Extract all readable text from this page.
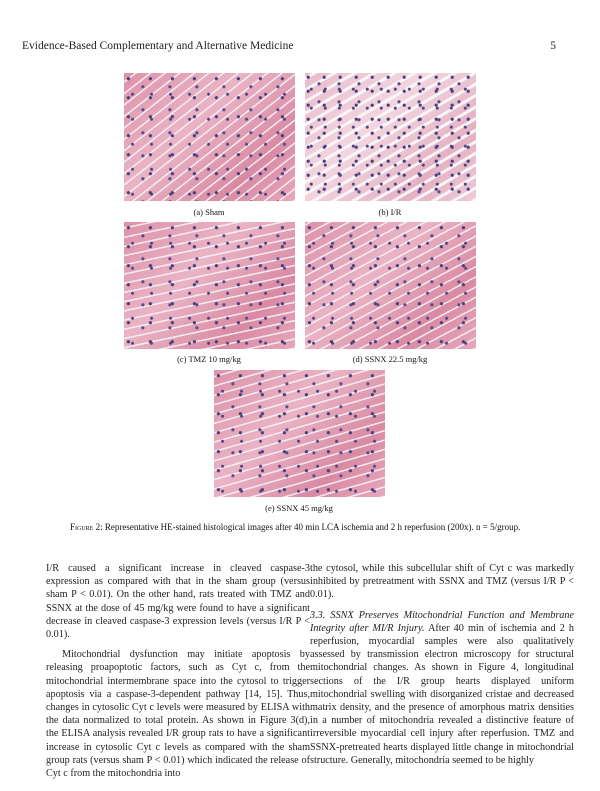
Evidence-Based Complementary and Alternative Medicine	5
(a) Sham	(b) I/R
(c) TMZ 10 mg/kg	(d) SSNX 22.5 mg/kg
(e) SSNX 45 mg/kg
Figure 2: Representative HE-stained histological images after 40 min LCA ischemia and 2 h reperfusion (200x). n = 5/group.

I/R caused a significant increase in cleaved caspase-3 expression as compared with that in the sham group (versus sham P < 0.01). On the other hand, rats treated with TMZ and SSNX at the dose of 45 mg/kg were found to have a significant decrease in cleaved caspase-3 expression levels (versus I/R P < 0.01).

Mitochondrial dysfunction may initiate apoptosis by releasing proapoptotic factors, such as Cyt c, from the mitochondrial intermembrane space into the cytosol to trigger apoptosis via a caspase-3-dependent pathway [14, 15]. Thus, changes in cytosolic Cyt c levels were measured by ELISA with the data normalized to total protein. As shown in Figure 3(d), the ELISA analysis revealed I/R group rats to have a significant increase in cytosolic Cyt c levels as compared with the sham group rats (versus sham P < 0.01) which indicated the release of Cyt c from the mitochondria into

the cytosol, while this subcellular shift of Cyt c was markedly inhibited by pretreatment with SSNX and TMZ (versus I/R P < 0.01).

3.3. SSNX Preserves Mitochondrial Function and Membrane Integrity after MI/R Injury. After 40 min of ischemia and 2 h reperfusion, myocardial samples were also qualitatively assessed by transmission electron microscopy for structural mitochondrial changes. As shown in Figure 4, longitudinal sections of the I/R group hearts displayed uniform mitochondrial swelling with disorganized cristae and decreased matrix density, and the presence of amorphous matrix densities in a number of mitochondria revealed a distinctive feature of irreversible myocardial cell injury after reperfusion. TMZ and SSNX-pretreated hearts displayed little change in mitochondrial structure. Generally, mitochondria seemed to be highly
